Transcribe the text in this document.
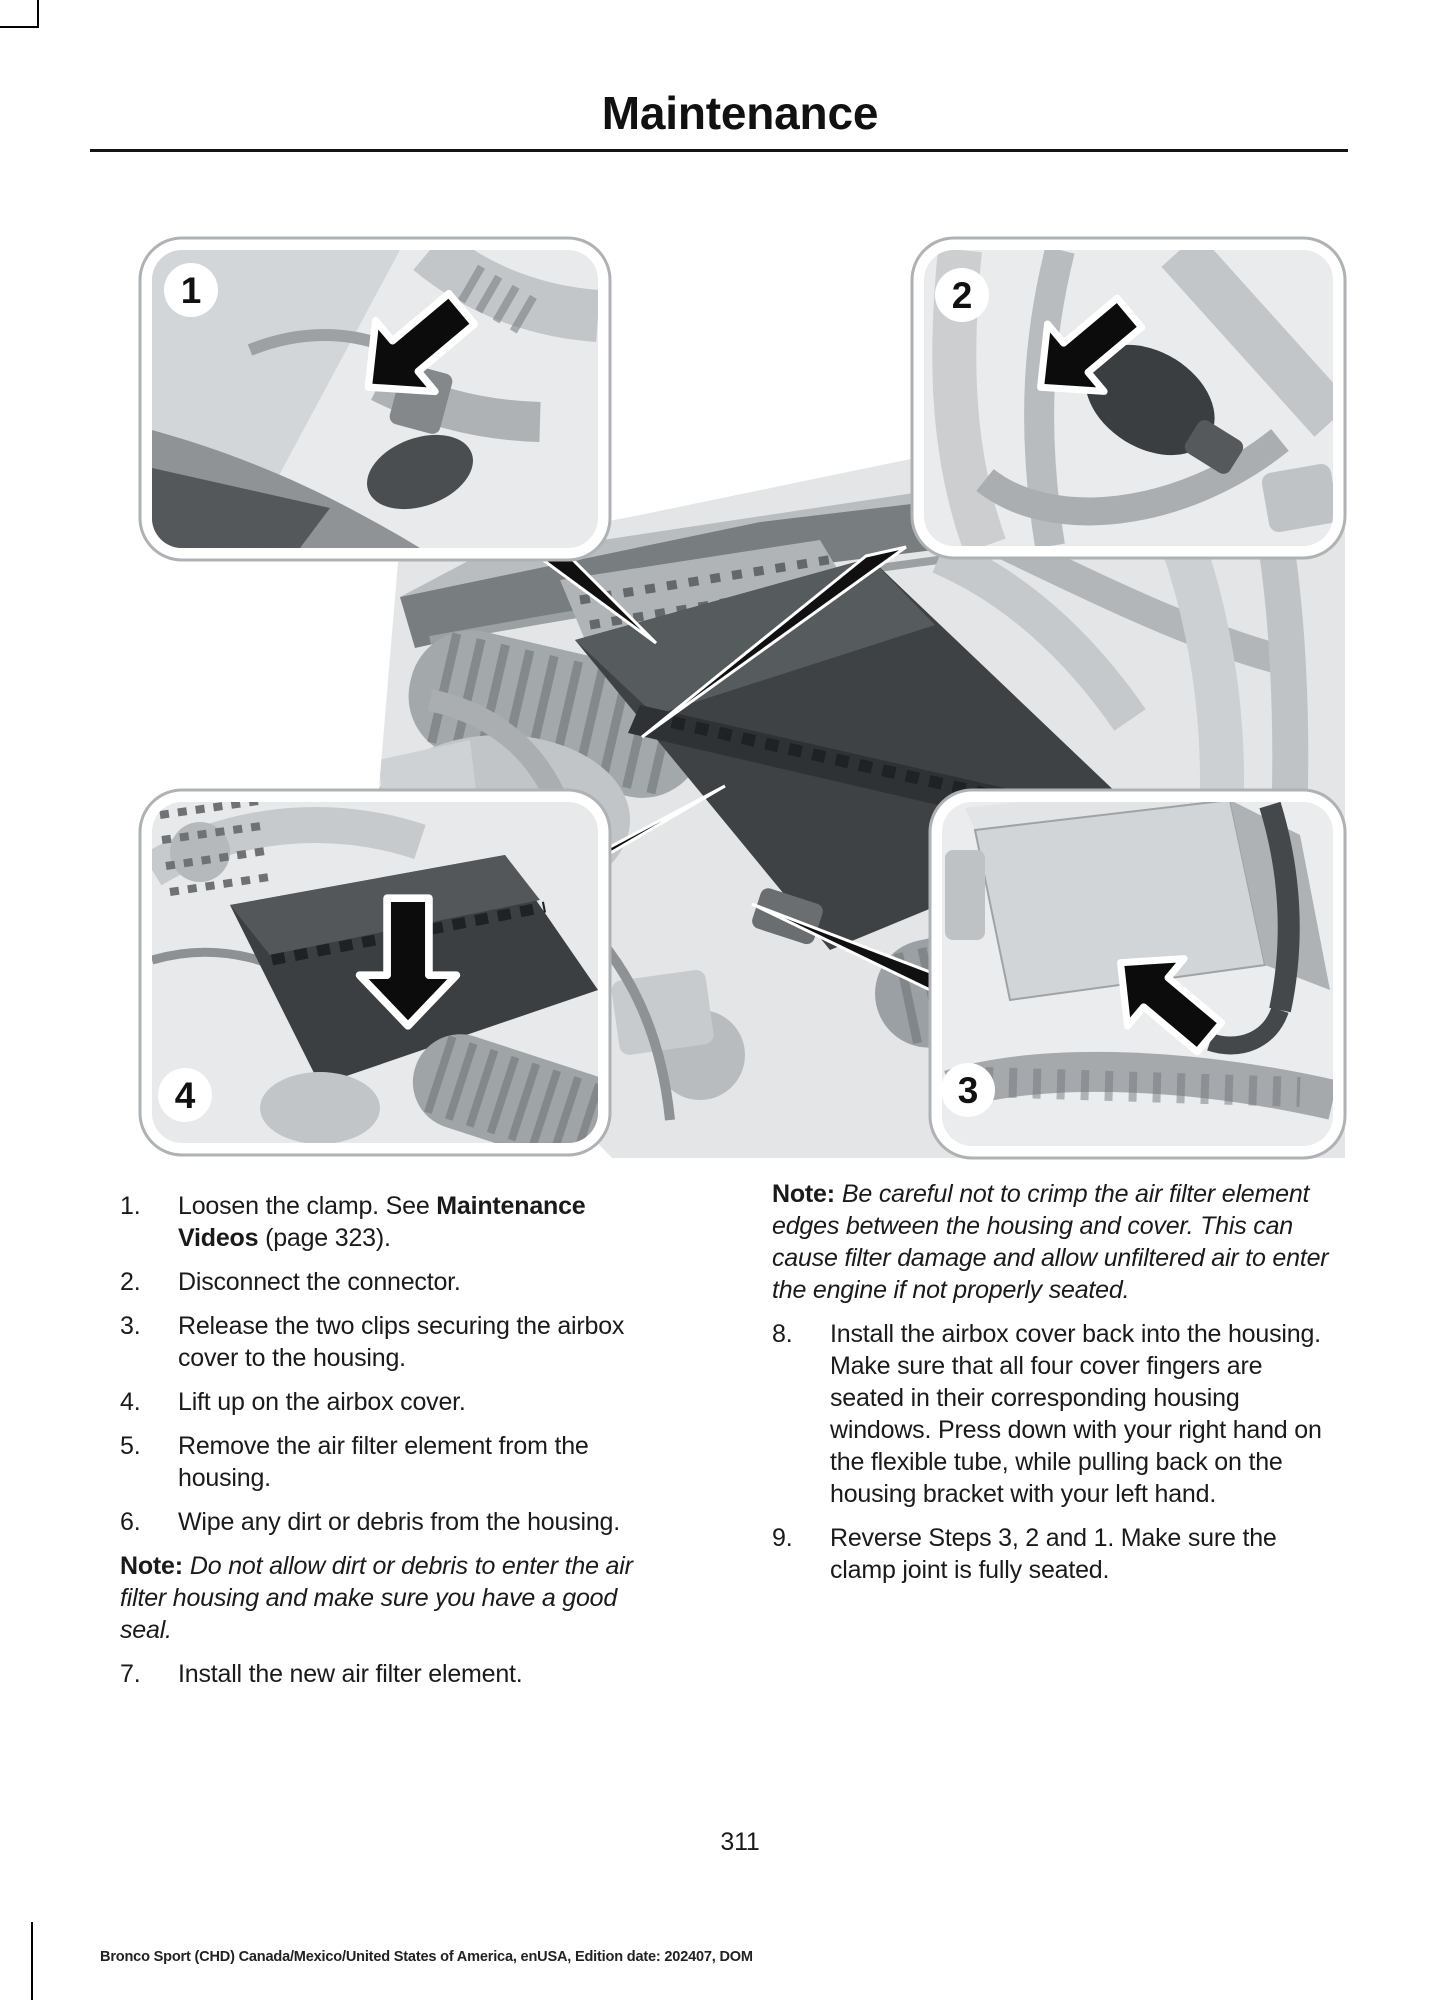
Maintenance
1	2
3
4
1.	Loosen the clamp. See Maintenance Videos (page 323).
2.	Disconnect the connector.
3.	Release the two clips securing the airbox cover to the housing.
4.	Lift up on the airbox cover.
5.	Remove the air filter element from the housing.
6.	Wipe any dirt or debris from the housing.

Note: Do not allow dirt or debris to enter the air filter housing and make sure you have a good seal.

7.	Install the new air filter element.

Note: Be careful not to crimp the air filter element edges between the housing and cover. This can cause filter damage and allow unfiltered air to enter the engine if not properly seated.

8.	Install the airbox cover back into the housing. Make sure that all four cover fingers are seated in their corresponding housing windows. Press down with your right hand on the flexible tube, while pulling back on the housing bracket with your left hand.
9.	Reverse Steps 3, 2 and 1. Make sure the clamp joint is fully seated.
311
Bronco Sport (CHD) Canada/Mexico/United States of America, enUSA, Edition date: 202407, DOM
